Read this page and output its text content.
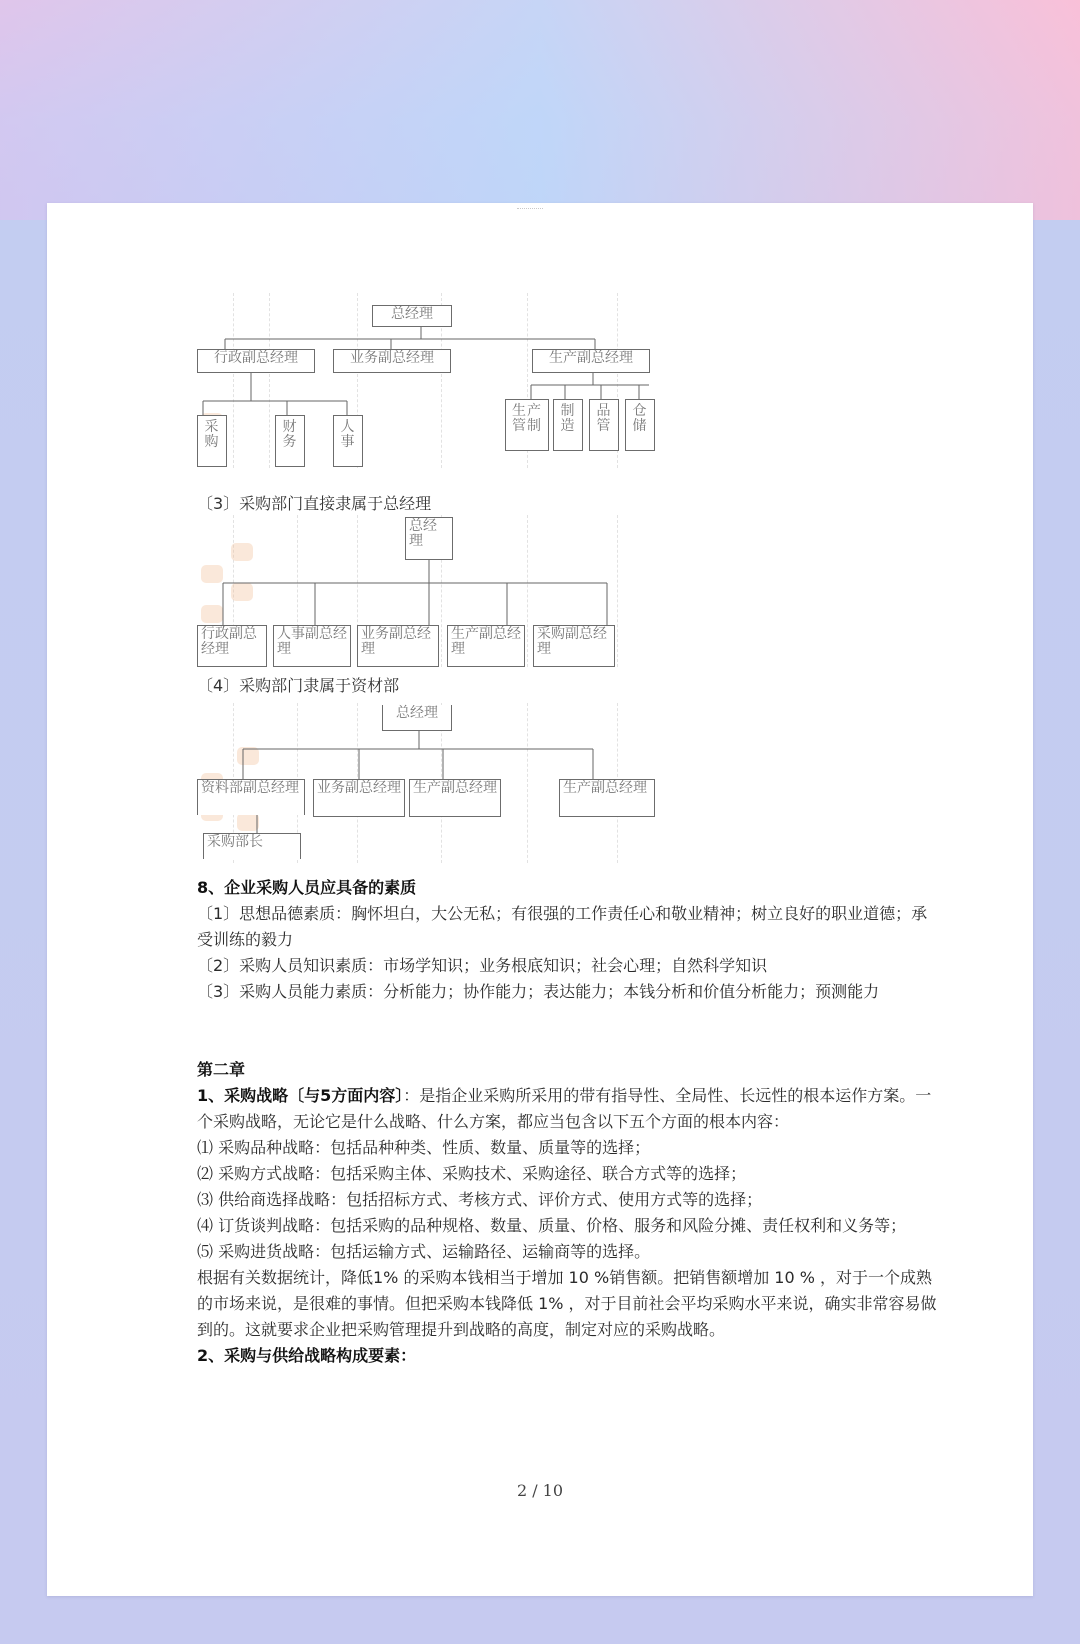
总经理
行政副总经理	业务副总经理	生产副总经理
采购
财务
人事
生产管制
制造
品管
仓储
〔3〕采购部门直接隶属于总经理
总经理
行政副总经理
人事副总经理
业务副总经理
生产副总经理
采购副总经理
〔4〕采购部门隶属于资材部
总经理
资料部副总经理	业务副总经理 生产副总经理	生产副总经理
采购部长

8、企业采购人员应具备的素质

〔1〕思想品德素质：胸怀坦白，大公无私；有很强的工作责任心和敬业精神；树立良好的职业道德；承受训练的毅力

〔2〕采购人员知识素质：市场学知识；业务根底知识；社会心理；自然科学知识

〔3〕采购人员能力素质：分析能力；协作能力；表达能力；本钱分析和价值分析能力；预测能力

第二章

1、采购战略〔与5方面内容〕：是指企业采购所采用的带有指导性、全局性、长远性的根本运作方案。一个采购战略，无论它是什么战略、什么方案，都应当包含以下五个方面的根本内容：

⑴ 采购品种战略：包括品种种类、性质、数量、质量等的选择；

⑵ 采购方式战略：包括采购主体、采购技术、采购途径、联合方式等的选择；

⑶ 供给商选择战略：包括招标方式、考核方式、评价方式、使用方式等的选择；

⑷ 订货谈判战略：包括采购的品种规格、数量、质量、价格、服务和风险分摊、责任权利和义务等；

⑸ 采购进货战略：包括运输方式、运输路径、运输商等的选择。

根据有关数据统计，降低1% 的采购本钱相当于增加 10 %销售额。把销售额增加 10 % ，对于一个成熟的市场来说，是很难的事情。但把采购本钱降低 1% ，对于目前社会平均采购水平来说，确实非常容易做到的。这就要求企业把采购管理提升到战略的高度，制定对应的采购战略。

2、采购与供给战略构成要素：

2 / 10
